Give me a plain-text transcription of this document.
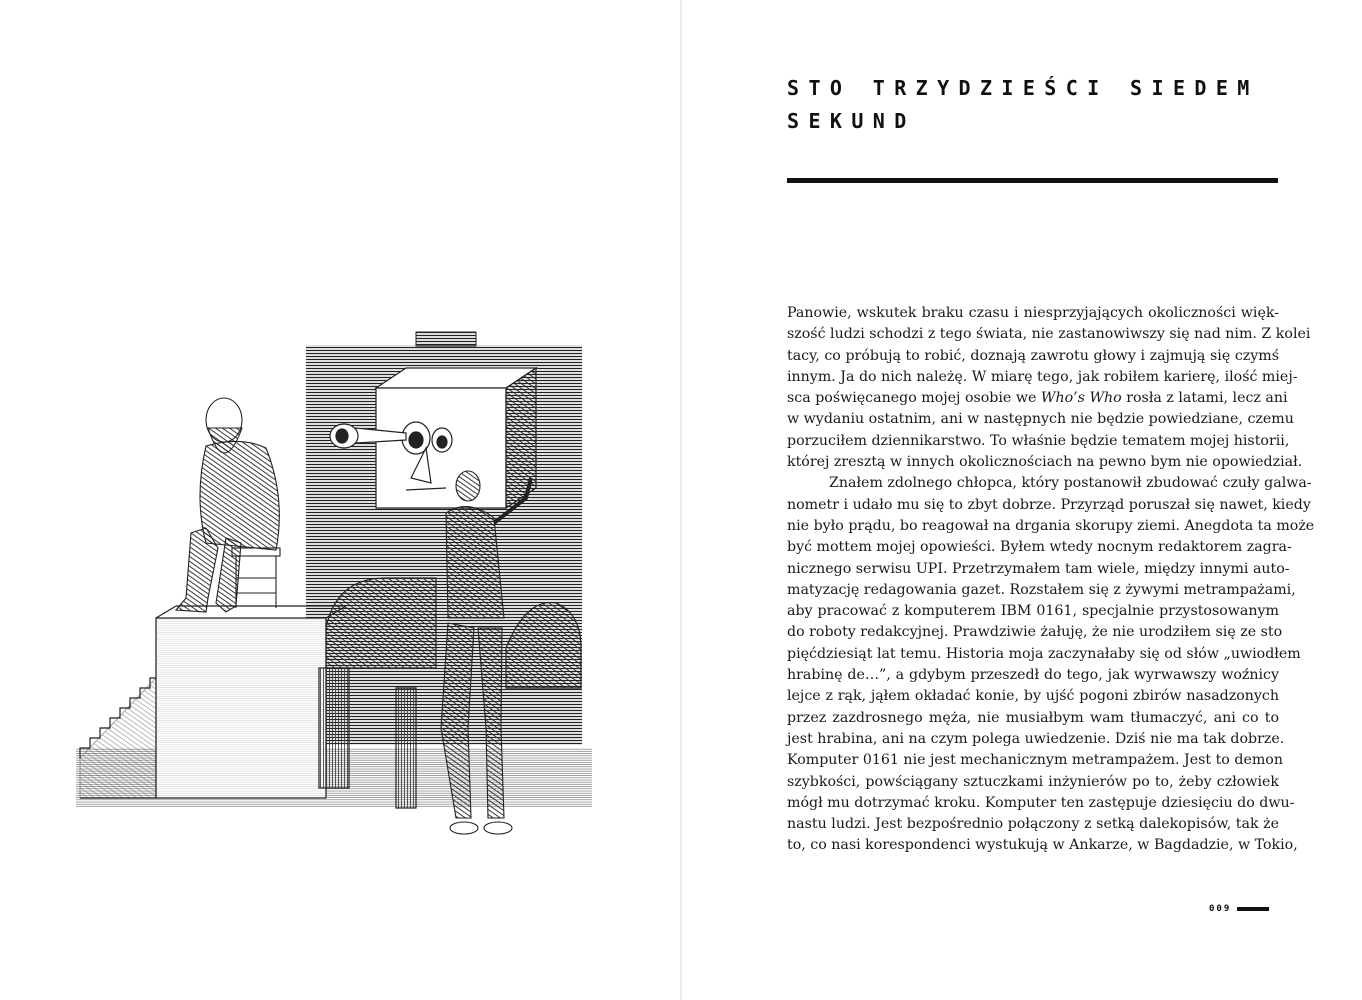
STO TRZYDZIEŚCI SIEDEM
SEKUND
Panowie, wskutek braku czasu i niesprzyjających okoliczności więk-
szość ludzi schodzi z tego świata, nie zastanowiwszy się nad nim. Z kolei
tacy, co próbują to robić, doznają zawrotu głowy i zajmują się czymś
innym. Ja do nich należę. W miarę tego, jak robiłem karierę, ilość miej-
sca poświęcanego mojej osobie we Who’s Who rosła z latami, lecz ani
w wydaniu ostatnim, ani w następnych nie będzie powiedziane, czemu
porzuciłem dziennikarstwo. To właśnie będzie tematem mojej historii,
której zresztą w innych okolicznościach na pewno bym nie opowiedział.
Znałem zdolnego chłopca, który postanowił zbudować czuły galwa-
nometr i udało mu się to zbyt dobrze. Przyrząd poruszał się nawet, kiedy
nie było prądu, bo reagował na drgania skorupy ziemi. Anegdota ta może
być mottem mojej opowieści. Byłem wtedy nocnym redaktorem zagra-
nicznego serwisu UPI. Przetrzymałem tam wiele, między innymi auto-
matyzację redagowania gazet. Rozstałem się z żywymi metrampażami,
aby pracować z komputerem IBM 0161, specjalnie przystosowanym
do roboty redakcyjnej. Prawdziwie żałuję, że nie urodziłem się ze sto
pięćdziesiąt lat temu. Historia moja zaczynałaby się od słów „uwiodłem
hrabinę de…”, a gdybym przeszedł do tego, jak wyrwawszy woźnicy
lejce z rąk, jąłem okładać konie, by ujść pogoni zbirów nasadzonych
przez zazdrosnego męża, nie musiałbym wam tłumaczyć, ani co to
jest hrabina, ani na czym polega uwiedzenie. Dziś nie ma tak dobrze.
Komputer 0161 nie jest mechanicznym metrampażem. Jest to demon
szybkości, powściągany sztuczkami inżynierów po to, żeby człowiek
mógł mu dotrzymać kroku. Komputer ten zastępuje dziesięciu do dwu-
nastu ludzi. Jest bezpośrednio połączony z setką dalekopisów, tak że
to, co nasi korespondenci wystukują w Ankarze, w Bagdadzie, w Tokio,
009
